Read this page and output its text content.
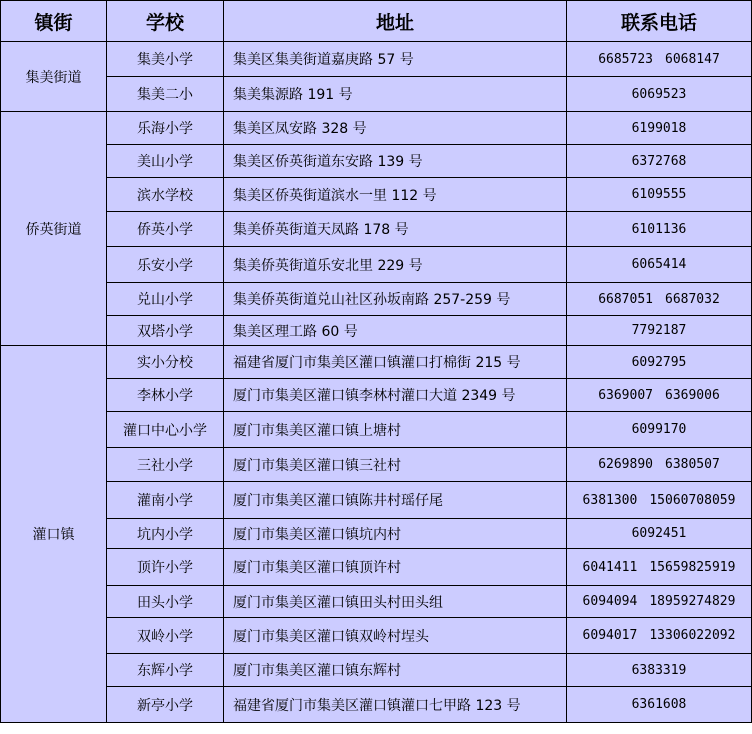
镇街	学校	地址	联系电话
集美街道	集美小学	集美区集美街道嘉庚路 57 号	6685723 6068147
	集美二小	集美集源路 191 号	6069523
侨英街道	乐海小学	集美区凤安路 328 号	6199018
	美山小学	集美区侨英街道东安路 139 号	6372768
	滨水学校	集美区侨英街道滨水一里 112 号	6109555
	侨英小学	集美侨英街道天凤路 178 号	6101136
	乐安小学	集美侨英街道乐安北里 229 号	6065414
	兑山小学	集美侨英街道兑山社区孙坂南路 257-259 号	6687051 6687032
	双塔小学	集美区理工路 60 号	7792187
灌口镇	实小分校	福建省厦门市集美区灌口镇灌口打棉街 215 号	6092795
	李林小学	厦门市集美区灌口镇李林村灌口大道 2349 号	6369007 6369006
	灌口中心小学	厦门市集美区灌口镇上塘村	6099170
	三社小学	厦门市集美区灌口镇三社村	6269890 6380507
	灌南小学	厦门市集美区灌口镇陈井村瑶仔尾	6381300 15060708059
	坑内小学	厦门市集美区灌口镇坑内村	6092451
	顶许小学	厦门市集美区灌口镇顶许村	6041411 15659825919
	田头小学	厦门市集美区灌口镇田头村田头组	6094094 18959274829
	双岭小学	厦门市集美区灌口镇双岭村埕头	6094017 13306022092
	东辉小学	厦门市集美区灌口镇东辉村	6383319
	新亭小学	福建省厦门市集美区灌口镇灌口七甲路 123 号	6361608
